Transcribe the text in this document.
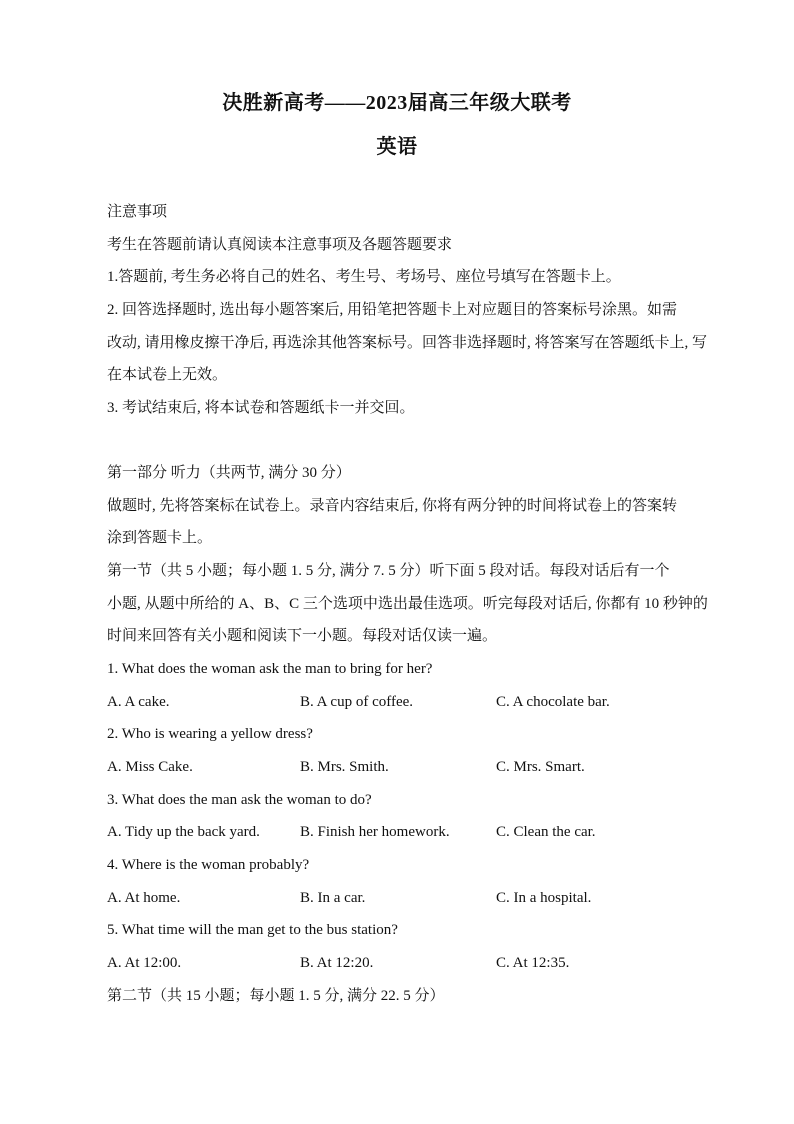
决胜新高考——2023届高三年级大联考
英语
注意事项
考生在答题前请认真阅读本注意事项及各题答题要求
1.答题前, 考生务必将自己的姓名、考生号、考场号、座位号填写在答题卡上。
2. 回答选择题时, 选出每小题答案后, 用铅笔把答题卡上对应题目的答案标号涂黑。如需
改动, 请用橡皮擦干净后, 再选涂其他答案标号。回答非选择题时, 将答案写在答题纸卡上, 写
在本试卷上无效。
3. 考试结束后, 将本试卷和答题纸卡一并交回。
第一部分 听力（共两节, 满分 30 分）
做题时, 先将答案标在试卷上。录音内容结束后, 你将有两分钟的时间将试卷上的答案转
涂到答题卡上。
第一节（共 5 小题；每小题 1. 5 分, 满分 7. 5 分）听下面 5 段对话。每段对话后有一个
小题, 从题中所给的 A、B、C 三个选项中选出最佳选项。听完每段对话后, 你都有 10 秒钟的
时间来回答有关小题和阅读下一小题。每段对话仅读一遍。
1. What does the woman ask the man to bring for her?
A. A cake.	B. A cup of coffee.	C. A chocolate bar.
2. Who is wearing a yellow dress?
A. Miss Cake.	B. Mrs. Smith.	C. Mrs. Smart.
3. What does the man ask the woman to do?
A. Tidy up the back yard.	B. Finish her homework.	C. Clean the car.
4. Where is the woman probably?
A. At home.	B. In a car.	C. In a hospital.
5. What time will the man get to the bus station?
A. At 12:00.	B. At 12:20.	C. At 12:35.
第二节（共 15 小题；每小题 1. 5 分, 满分 22. 5 分）
